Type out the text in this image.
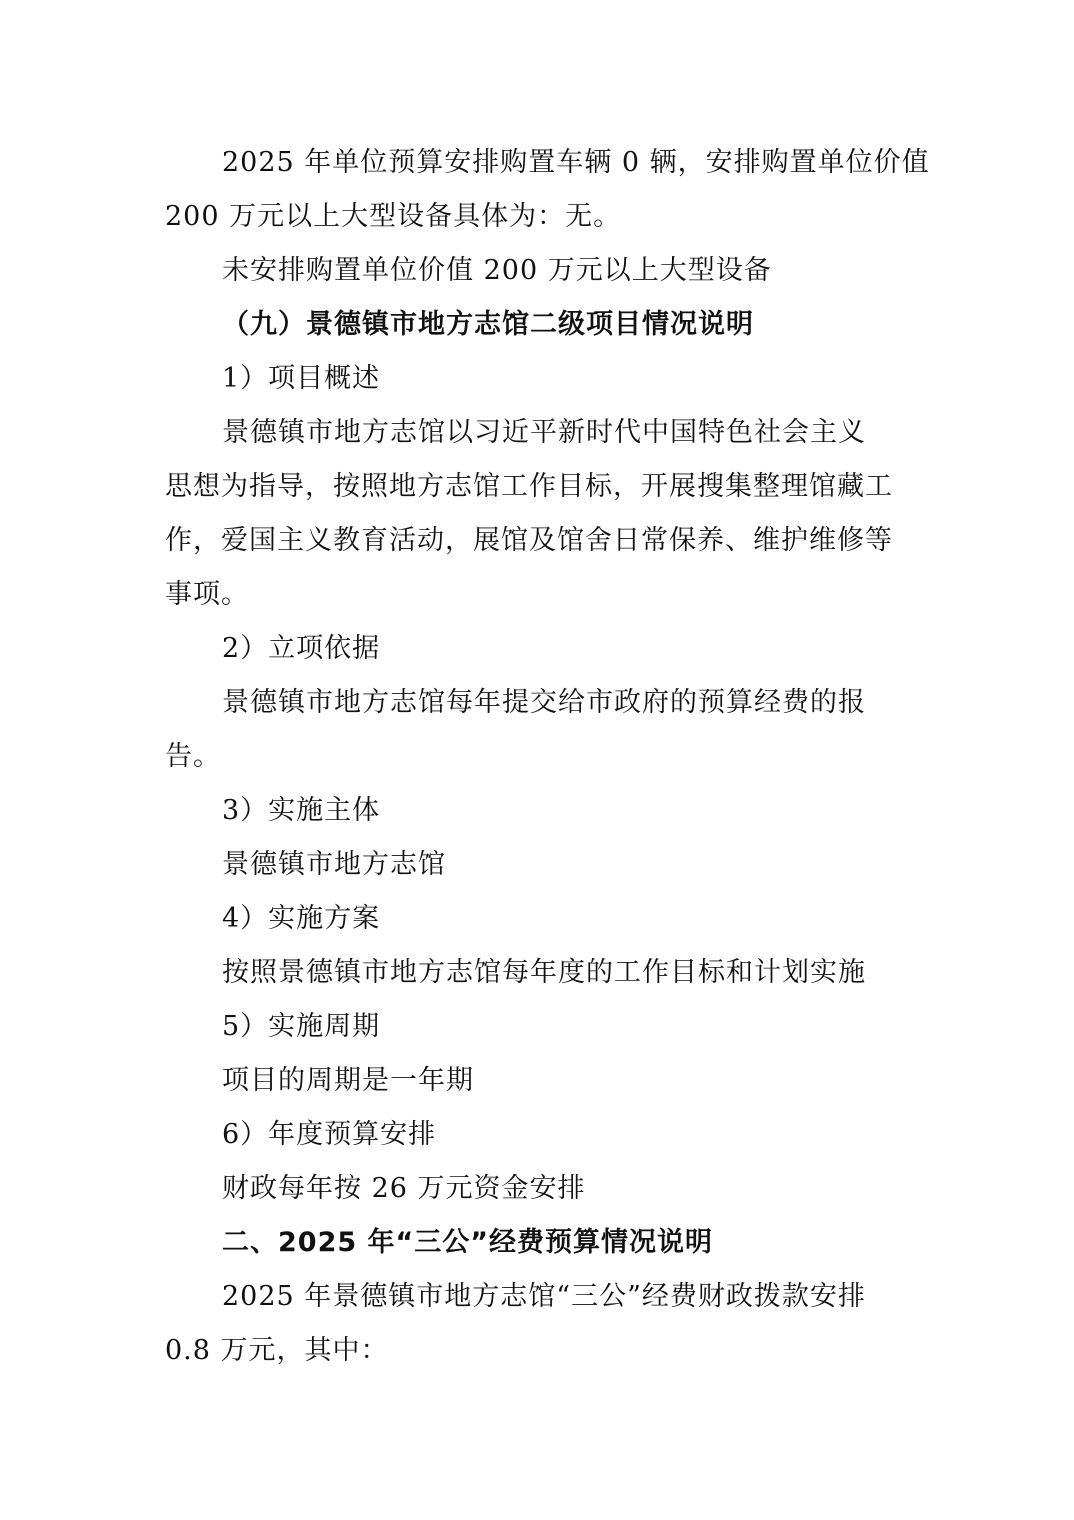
2025 年单位预算安排购置车辆 0 辆，安排购置单位价值
200 万元以上大型设备具体为：无。
未安排购置单位价值 200 万元以上大型设备
（九）景德镇市地方志馆二级项目情况说明
1）项目概述
景德镇市地方志馆以习近平新时代中国特色社会主义
思想为指导，按照地方志馆工作目标，开展搜集整理馆藏工
作，爱国主义教育活动，展馆及馆舍日常保养、维护维修等
事项。
2）立项依据
景德镇市地方志馆每年提交给市政府的预算经费的报
告。
3）实施主体
景德镇市地方志馆
4）实施方案
按照景德镇市地方志馆每年度的工作目标和计划实施
5）实施周期
项目的周期是一年期
6）年度预算安排
财政每年按 26 万元资金安排
二、2025 年“三公”经费预算情况说明
2025 年景德镇市地方志馆“三公”经费财政拨款安排
0.8 万元，其中：
